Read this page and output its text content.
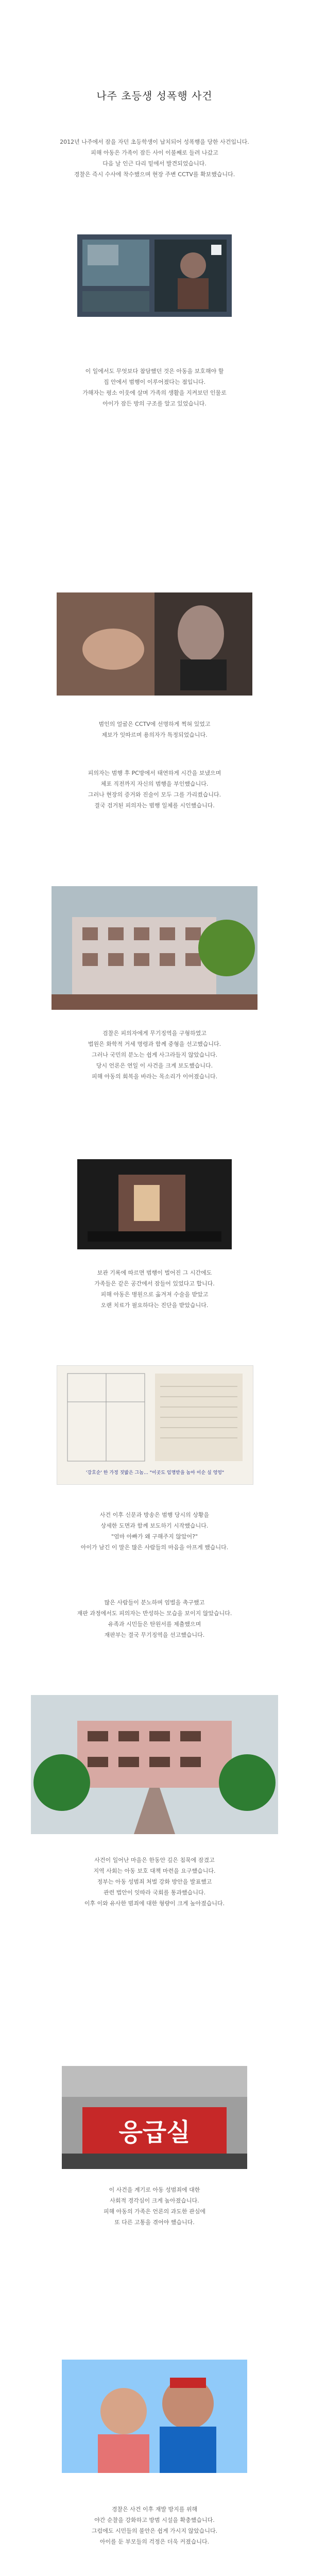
나주 초등생 성폭행 사건
2012년 나주에서 잠을 자던 초등학생이 납치되어 성폭행을 당한 사건입니다.
피해 아동은 가족이 잠든 사이 이불째로 들려 나갔고
다음 날 인근 다리 밑에서 발견되었습니다.
경찰은 즉시 수사에 착수했으며 현장 주변 CCTV를 확보했습니다.
이 일에서도 무엇보다 참담했던 것은 아동을 보호해야 할
집 안에서 범행이 이루어졌다는 점입니다.
가해자는 평소 이웃에 살며 가족의 생활을 지켜보던 인물로
아이가 잠든 방의 구조를 알고 있었습니다.
범인의 얼굴은 CCTV에 선명하게 찍혀 있었고
제보가 잇따르며 용의자가 특정되었습니다.
피의자는 범행 후 PC방에서 태연하게 시간을 보냈으며
체포 직전까지 자신의 범행을 부인했습니다.
그러나 현장의 증거와 진술이 모두 그를 가리켰습니다.
결국 검거된 피의자는 범행 일체를 시인했습니다.
검찰은 피의자에게 무기징역을 구형하였고
법원은 화학적 거세 명령과 함께 중형을 선고했습니다.
그러나 국민의 분노는 쉽게 사그라들지 않았습니다.
당시 언론은 연일 이 사건을 크게 보도했습니다.
피해 아동의 회복을 바라는 목소리가 이어졌습니다.
보관 기록에 따르면 범행이 벌어진 그 시간에도
가족들은 같은 공간에서 잠들어 있었다고 합니다.
피해 아동은 병원으로 옮겨져 수술을 받았고
오랜 치료가 필요하다는 진단을 받았습니다.
'강호순' 한 가정 짓밟은 그놈… "이곳도 임명받을 놈아 이순 실 엉엉"
사건 이후 신문과 방송은 범행 당시의 상황을
상세한 도면과 함께 보도하기 시작했습니다.
"엄마 아빠가 왜 구해주지 않았어?"
아이가 남긴 이 말은 많은 사람들의 마음을 아프게 했습니다.
많은 사람들이 분노하며 엄벌을 촉구했고
재판 과정에서도 피의자는 반성하는 모습을 보이지 않았습니다.
유족과 시민들은 탄원서를 제출했으며
재판부는 결국 무기징역을 선고했습니다.
사건이 일어난 마을은 한동안 깊은 침묵에 잠겼고
지역 사회는 아동 보호 대책 마련을 요구했습니다.
정부는 아동 성범죄 처벌 강화 방안을 발표했고
관련 법안이 잇따라 국회를 통과했습니다.
이후 이와 유사한 범죄에 대한 형량이 크게 높아졌습니다.
응급실
이 사건을 계기로 아동 성범죄에 대한
사회적 경각심이 크게 높아졌습니다.
피해 아동의 가족은 언론의 과도한 관심에
또 다른 고통을 겪어야 했습니다.
경찰은 사건 이후 재발 방지를 위해
야간 순찰을 강화하고 방범 시설을 확충했습니다.
그럼에도 시민들의 불안은 쉽게 가시지 않았습니다.
아이를 둔 부모들의 걱정은 더욱 커졌습니다.
